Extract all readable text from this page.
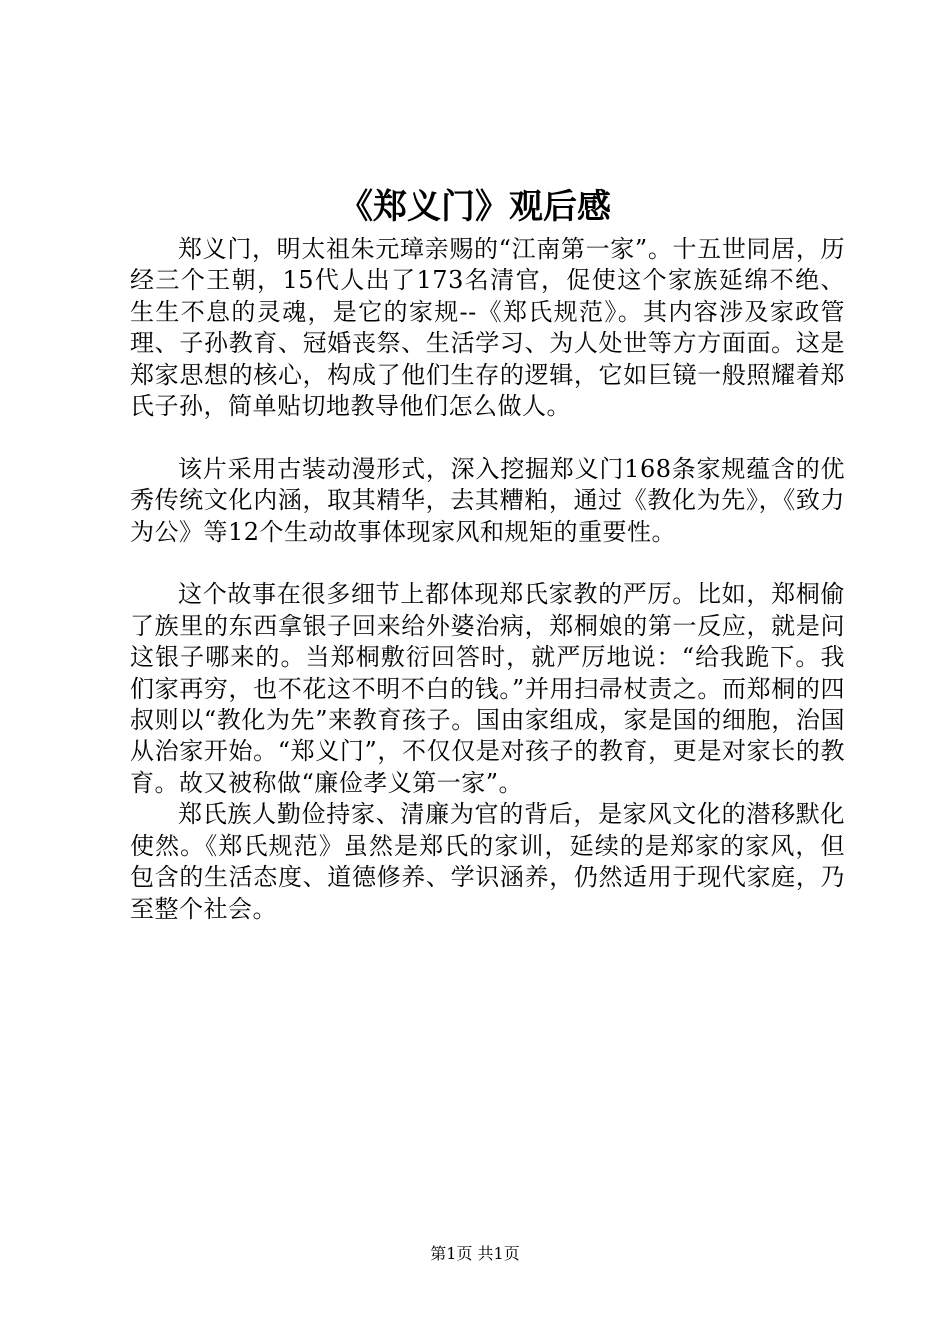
《郑义门》观后感

郑义门，明太祖朱元璋亲赐的“江南第一家”。十五世同居，历经三个王朝，15代人出了173名清官，促使这个家族延绵不绝、生生不息的灵魂，是它的家规--《郑氏规范》。其内容涉及家政管理、子孙教育、冠婚丧祭、生活学习、为人处世等方方面面。这是郑家思想的核心，构成了他们生存的逻辑，它如巨镜一般照耀着郑氏子孙，简单贴切地教导他们怎么做人。

该片采用古装动漫形式，深入挖掘郑义门168条家规蕴含的优秀传统文化内涵，取其精华，去其糟粕，通过《教化为先》，《致力为公》等12个生动故事体现家风和规矩的重要性。

这个故事在很多细节上都体现郑氏家教的严厉。比如，郑桐偷了族里的东西拿银子回来给外婆治病，郑桐娘的第一反应，就是问这银子哪来的。当郑桐敷衍回答时，就严厉地说：“给我跪下。我们家再穷，也不花这不明不白的钱。”并用扫帚杖责之。而郑桐的四叔则以“教化为先”来教育孩子。国由家组成，家是国的细胞，治国从治家开始。“郑义门”，不仅仅是对孩子的教育，更是对家长的教育。故又被称做“廉俭孝义第一家”。

郑氏族人勤俭持家、清廉为官的背后，是家风文化的潜移默化使然。《郑氏规范》虽然是郑氏的家训，延续的是郑家的家风，但包含的生活态度、道德修养、学识涵养，仍然适用于现代家庭，乃至整个社会。

第1页 共1页
